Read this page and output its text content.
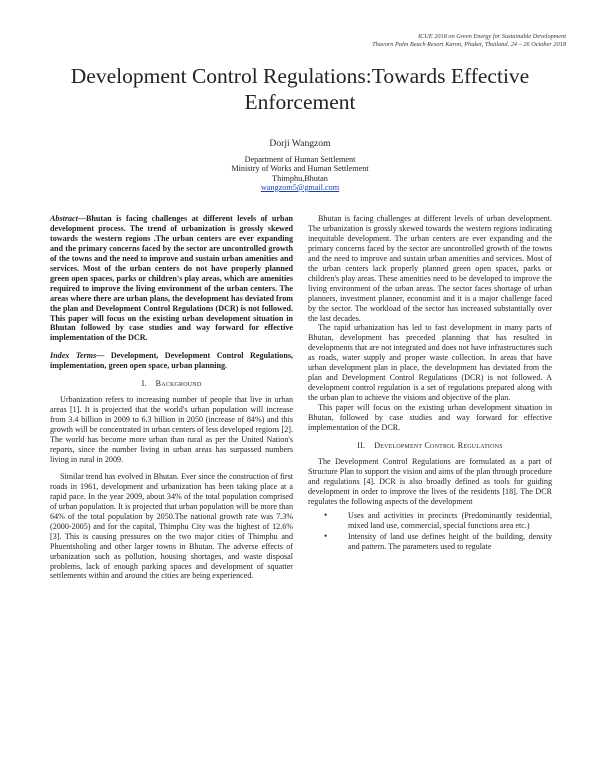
ICUE 2018 on Green Energy for Sustainable Development
Thavorn Palm Beach Resort Karon, Phuket, Thailand. 24 – 26 October 2018
Development Control Regulations:Towards Effective Enforcement
Dorji Wangzom
Department of Human Settlement
Ministry of Works and Human Settlement
Thimphu,Bhutan
wangzom5@gmail.com

Abstract—Bhutan is facing challenges at different levels of urban development process. The trend of urbanization is grossly skewed towards the western regions .The urban centers are ever expanding and the primary concerns faced by the sector are uncontrolled growth of the towns and the need to improve and sustain urban amenities and services. Most of the urban centers do not have properly planned green open spaces, parks or children's play areas, which are amenities required to improve the living environment of the urban centers. The areas where there are urban plans, the development has deviated from the plan and Development Control Regulations (DCR) is not followed. This paper will focus on the existing urban development situation in Bhutan followed by case studies and way forward for effective implementation of the DCR.

Index Terms— Development, Development Control Regulations, implementation, green open space, urban planning.

I. Background

Urbanization refers to increasing number of people that live in urban areas [1]. It is projected that the world's urban population will increase from 3.4 billion in 2009 to 6.3 billion in 2050 (increase of 84%) and this growth will be concentrated in urban centers of less developed regions [2]. The world has become more urban than rural as per the United Nation's reports, since the number living in urban areas has surpassed numbers living in rural in 2009.

Similar trend has evolved in Bhutan. Ever since the construction of first roads in 1961, development and urbanization has been taking place at a rapid pace. In the year 2009, about 34% of the total population comprised of urban population. It is projected that urban population will be more than 64% of the total population by 2050.The national growth rate was 7.3% (2000-2005) and for the capital, Thimphu City was the highest of 12.6% [3]. This is causing pressures on the two major cities of Thimphu and Phuentsholing and other larger towns in Bhutan. The adverse effects of urbanization such as pollution, housing shortages, and waste disposal problems, lack of enough parking spaces and development of squatter settlements within and around the cities are being experienced.

Bhutan is facing challenges at different levels of urban development. The urbanization is grossly skewed towards the western regions indicating inequitable development. The urban centers are ever expanding and the primary concerns faced by the sector are uncontrolled growth of the towns and the need to improve and sustain urban amenities and services. Most of the urban centers lack properly planned green open spaces, parks or children's play areas. These amenities need to be developed to improve the living environment of the urban areas. The sector faces shortage of urban planners, investment planner, economist and it is a major challenge faced by the sector. The workload of the sector has increased substantially over the last decades.

The rapid urbanization has led to fast development in many parts of Bhutan, development has preceded planning that has resulted in developments that are not integrated and does not have infrastructures such as roads, water supply and proper waste collection. In areas that have urban development plan in place, the development has deviated from the plan and Development Control Regulations (DCR) is not followed. A development control regulation is a set of regulations prepared along with the urban plan to achieve the visions and objective of the plan.

This paper will focus on the existing urban development situation in Bhutan, followed by case studies and way forward for effective implementation of the DCR.

II. Development Control Regulations

The Development Control Regulations are formulated as a part of Structure Plan to support the vision and aims of the plan through procedure and regulations [4]. DCR is also broadly defined as tools for guiding development in order to improve the lives of the residents [18]. The DCR regulates the following aspects of the development

•	Uses and activities in precincts (Predominantly residential, mixed land use, commercial, special functions area etc.)
•	Intensity of land use defines height of the building, density and pattern. The parameters used to regulate
